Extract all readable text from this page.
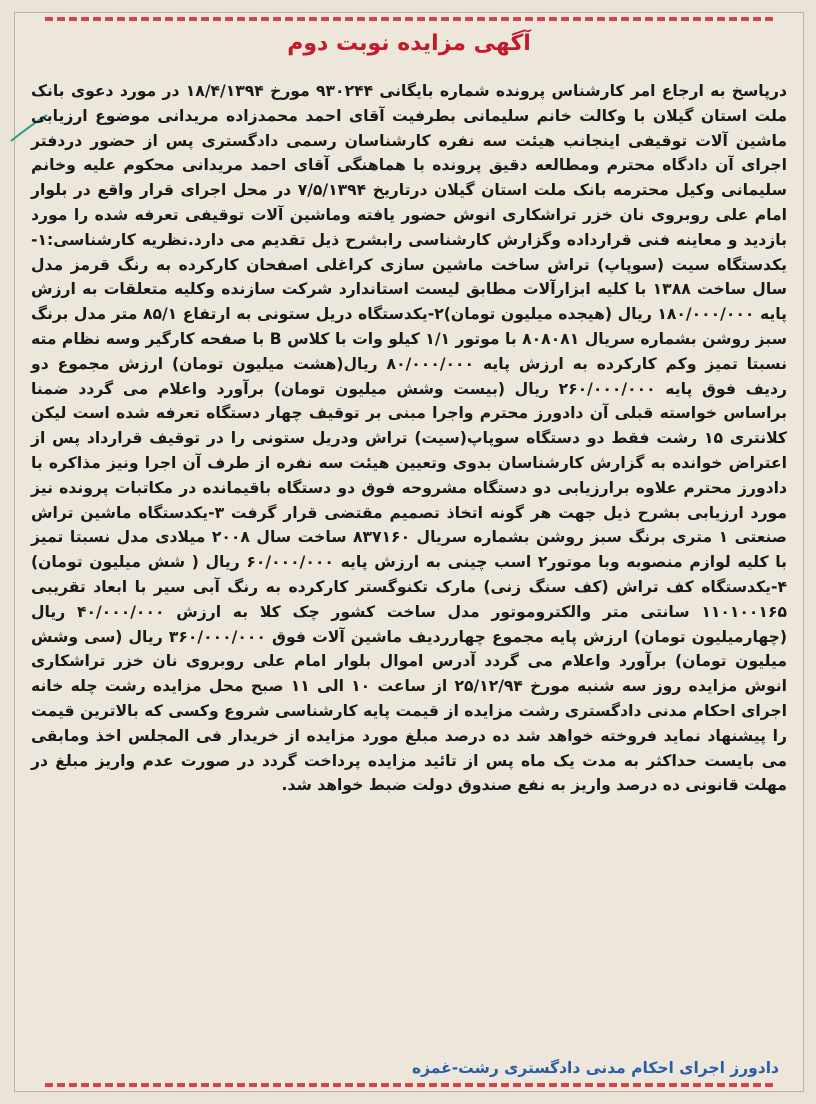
آگهی مزایده نوبت دوم
درپاسخ به ارجاع امر کارشناس پرونده شماره بایگانی ۹۳۰۲۴۴ مورخ ۱۸/۴/۱۳۹۴ در مورد دعوی بانک ملت استان گیلان با وکالت خانم سلیمانی بطرفیت آقای احمد محمدزاده مریدانی موضوع ارزیابی ماشین آلات توقیفی اینجانب هیئت سه نفره کارشناسان رسمی دادگستری پس از حضور دردفتر اجرای آن دادگاه محترم ومطالعه دقیق پرونده با هماهنگی آقای احمد مریدانی محکوم علیه وخانم سلیمانی وکیل محترمه بانک ملت استان گیلان درتاریخ ۷/۵/۱۳۹۴ در محل اجرای قرار واقع در بلوار امام علی روبروی نان خزر تراشکاری انوش حضور یافته وماشین آلات توقیفی تعرفه شده را مورد بازدید و معاینه فنی قرارداده وگزارش کارشناسی رابشرح ذیل تقدیم می دارد.نظریه کارشناسی:۱-یکدستگاه سیت (سوپاپ) تراش ساخت ماشین سازی کراغلی اصفحان کارکرده به رنگ قرمز مدل سال ساخت ۱۳۸۸ با کلیه ابزارآلات مطابق لیست استاندارد شرکت سازنده وکلیه متعلقات به ارزش پایه ۱۸۰/۰۰۰/۰۰۰ ریال (هیجده میلیون تومان)۲-یکدستگاه دریل ستونی به ارتفاع ۸۵/۱ متر مدل برنگ سبز روشن بشماره سریال ۸۰۸۰۸۱ با موتور ۱/۱ کیلو وات با کلاس B با صفحه کارگیر وسه نظام مته نسبتا تمیز وکم کارکرده به ارزش پایه ۸۰/۰۰۰/۰۰۰ ریال(هشت میلیون تومان) ارزش مجموع دو ردیف فوق پایه ۲۶۰/۰۰۰/۰۰۰ ریال (بیست وشش میلیون تومان) برآورد واعلام می گردد ضمنا براساس خواسته قبلی آن دادورز محترم واجرا مبنی بر توقیف چهار دستگاه تعرفه شده است لیکن کلانتری ۱۵ رشت فقط دو دستگاه سوپاپ(سیت) تراش ودریل ستونی را در توقیف قرارداد پس از اعتراض خوانده به گزارش کارشناسان بدوی وتعیین هیئت سه نفره از طرف آن اجرا ونیز مذاکره با دادورز محترم علاوه برارزیابی دو دستگاه مشروحه فوق دو دستگاه باقیمانده در مکاتبات پرونده نیز مورد ارزیابی بشرح ذیل جهت هر گونه اتخاذ تصمیم مقتضی قرار گرفت ۳-یکدستگاه ماشین تراش صنعتی ۱ متری برنگ سبز روشن بشماره سریال ۸۳۷۱۶۰ ساخت سال ۲۰۰۸ میلادی مدل نسبتا تمیز با کلیه لوازم منصوبه وبا موتور۲ اسب چینی به ارزش پایه ۶۰/۰۰۰/۰۰۰ ریال ( شش میلیون تومان) ۴-یکدستگاه کف تراش (کف سنگ زنی) مارک تکنوگستر کارکرده به رنگ آبی سیر با ابعاد تقریبی ۱۱۰۱۰۰۱۶۵ سانتی متر والکتروموتور مدل ساخت کشور چک کلا به ارزش ۴۰/۰۰۰/۰۰۰ ریال (چهارمیلیون تومان) ارزش پایه مجموع چهارردیف ماشین آلات فوق ۳۶۰/۰۰۰/۰۰۰ ریال (سی وشش میلیون تومان) برآورد واعلام می گردد آدرس اموال بلوار امام علی روبروی نان خزر تراشکاری انوش مزایده روز سه شنبه مورخ ۲۵/۱۲/۹۴ از ساعت ۱۰ الی ۱۱ صبح محل مزایده رشت چله خانه اجرای احکام مدنی دادگستری رشت مزایده از قیمت پایه کارشناسی شروع وکسی که بالاترین قیمت را پیشنهاد نماید فروخته خواهد شد ده درصد مبلغ مورد مزایده از خریدار فی المجلس اخذ ومابقی می بایست حداکثر به مدت یک ماه پس از تائید مزایده پرداخت گردد در صورت عدم واریز مبلغ در مهلت قانونی ده درصد واریز به نفع صندوق دولت ضبط خواهد شد.
دادورز اجرای احکام مدنی دادگستری رشت-غمزه
